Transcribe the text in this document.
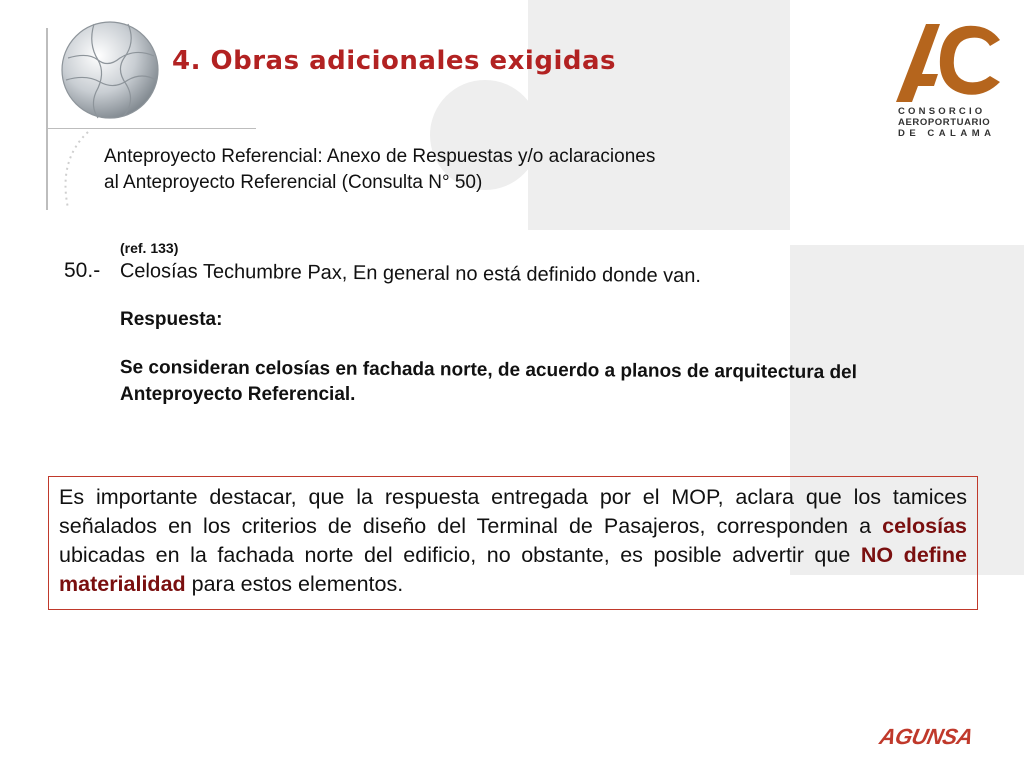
4. Obras adicionales exigidas
Anteproyecto Referencial: Anexo de Respuestas y/o aclaraciones
al Anteproyecto Referencial (Consulta N° 50)
CONSORCIO
AEROPORTUARIO
DE CALAMA
(ref. 133)
50.- Celosías Techumbre Pax, En general no está definido donde van.
Respuesta:
Se consideran celosías en fachada norte, de acuerdo a planos de arquitectura del
Anteproyecto Referencial.
Es importante destacar, que la respuesta entregada por el MOP, aclara que los tamices señalados en los criterios de diseño del Terminal de Pasajeros, corresponden a celosías ubicadas en la fachada norte del edificio, no obstante, es posible advertir que NO define materialidad para estos elementos.
AGUNSA
